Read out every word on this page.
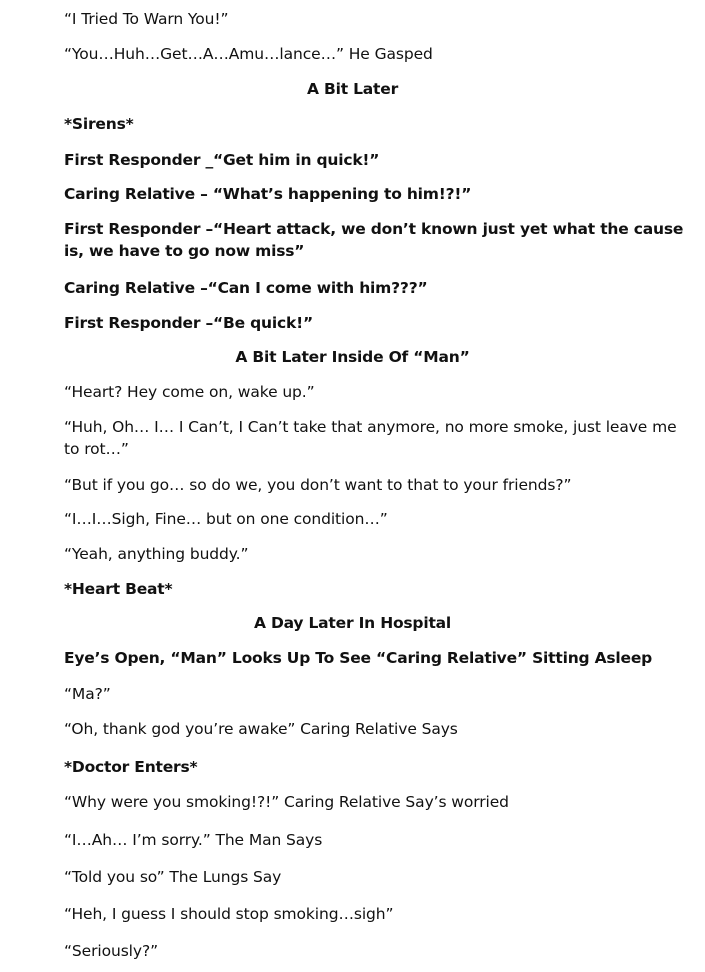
“I Tried To Warn You!”

“You…Huh…Get…A…Amu…lance…” He Gasped

A Bit Later

*Sirens*

First Responder _“Get him in quick!”

Caring Relative – “What’s happening to him!?!”

First Responder –“Heart attack, we don’t known just yet what the cause is, we have to go now miss”

Caring Relative –“Can I come with him???”

First Responder –“Be quick!”

A Bit Later Inside Of “Man”

“Heart? Hey come on, wake up.”

“Huh, Oh… I… I Can’t, I Can’t take that anymore, no more smoke, just leave me to rot…”

“But if you go… so do we, you don’t want to that to your friends?”

“I…I…Sigh, Fine… but on one condition…”

“Yeah, anything buddy.”

*Heart Beat*

A Day Later In Hospital

Eye’s Open, “Man” Looks Up To See “Caring Relative” Sitting Asleep

“Ma?”

“Oh, thank god you’re awake” Caring Relative Says

*Doctor Enters*

“Why were you smoking!?!” Caring Relative Say’s worried

“I…Ah… I’m sorry.” The Man Says

“Told you so” The Lungs Say

“Heh, I guess I should stop smoking…sigh”

“Seriously?”
